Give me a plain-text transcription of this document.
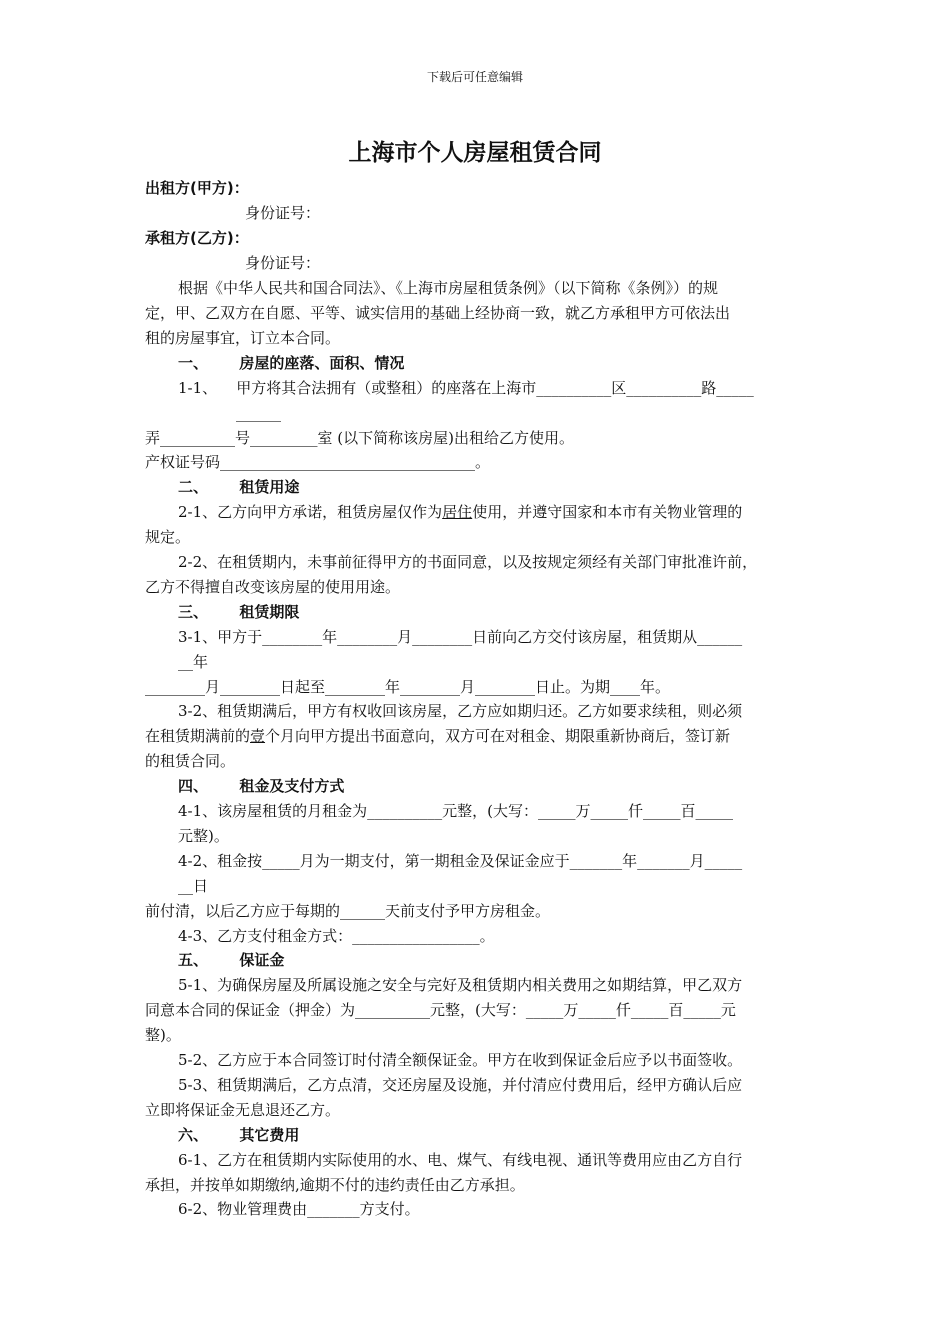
下载后可任意编辑
上海市个人房屋租赁合同
出租方(甲方)：
身份证号：
承租方(乙方)：
身份证号：
根据《中华人民共和国合同法》、《上海市房屋租赁条例》（以下简称《条例》）的规
定，甲、乙双方在自愿、平等、诚实信用的基础上经协商一致，就乙方承租甲方可依法出
租的房屋事宜，订立本合同。
一、      房屋的座落、面积、情况
1-1、    甲方将其合法拥有（或整租）的座落在上海市__________区__________路_____
______
弄__________号_________室 (以下简称该房屋)出租给乙方使用。
产权证号码__________________________________。
二、      租赁用途
2-1、乙方向甲方承诺，租赁房屋仅作为居住使用，并遵守国家和本市有关物业管理的
规定。
2-2、在租赁期内，未事前征得甲方的书面同意，以及按规定须经有关部门审批准许前，
乙方不得擅自改变该房屋的使用用途。
三、      租赁期限
3-1、甲方于________年________月________日前向乙方交付该房屋，租赁期从______
__年
________月________日起至________年________月________日止。为期____年。
3-2、租赁期满后，甲方有权收回该房屋，乙方应如期归还。乙方如要求续租，则必须
在租赁期满前的壹个月向甲方提出书面意向，双方可在对租金、期限重新协商后，签订新
的租赁合同。
四、      租金及支付方式
4-1、该房屋租赁的月租金为__________元整，(大写：_____万_____仟_____百_____
元整)。
4-2、租金按_____月为一期支付，第一期租金及保证金应于_______年_______月_____
__日
前付清，以后乙方应于每期的______天前支付予甲方房租金。
4-3、乙方支付租金方式：_________________。
五、      保证金
5-1、为确保房屋及所属设施之安全与完好及租赁期内相关费用之如期结算，甲乙双方
同意本合同的保证金（押金）为__________元整，(大写：_____万_____仟_____百_____元
整)。
5-2、乙方应于本合同签订时付清全额保证金。甲方在收到保证金后应予以书面签收。
5-3、租赁期满后，乙方点清，交还房屋及设施，并付清应付费用后，经甲方确认后应
立即将保证金无息退还乙方。
六、      其它费用
6-1、乙方在租赁期内实际使用的水、电、煤气、有线电视、通讯等费用应由乙方自行
承担，并按单如期缴纳,逾期不付的违约责任由乙方承担。
6-2、物业管理费由_______方支付。
